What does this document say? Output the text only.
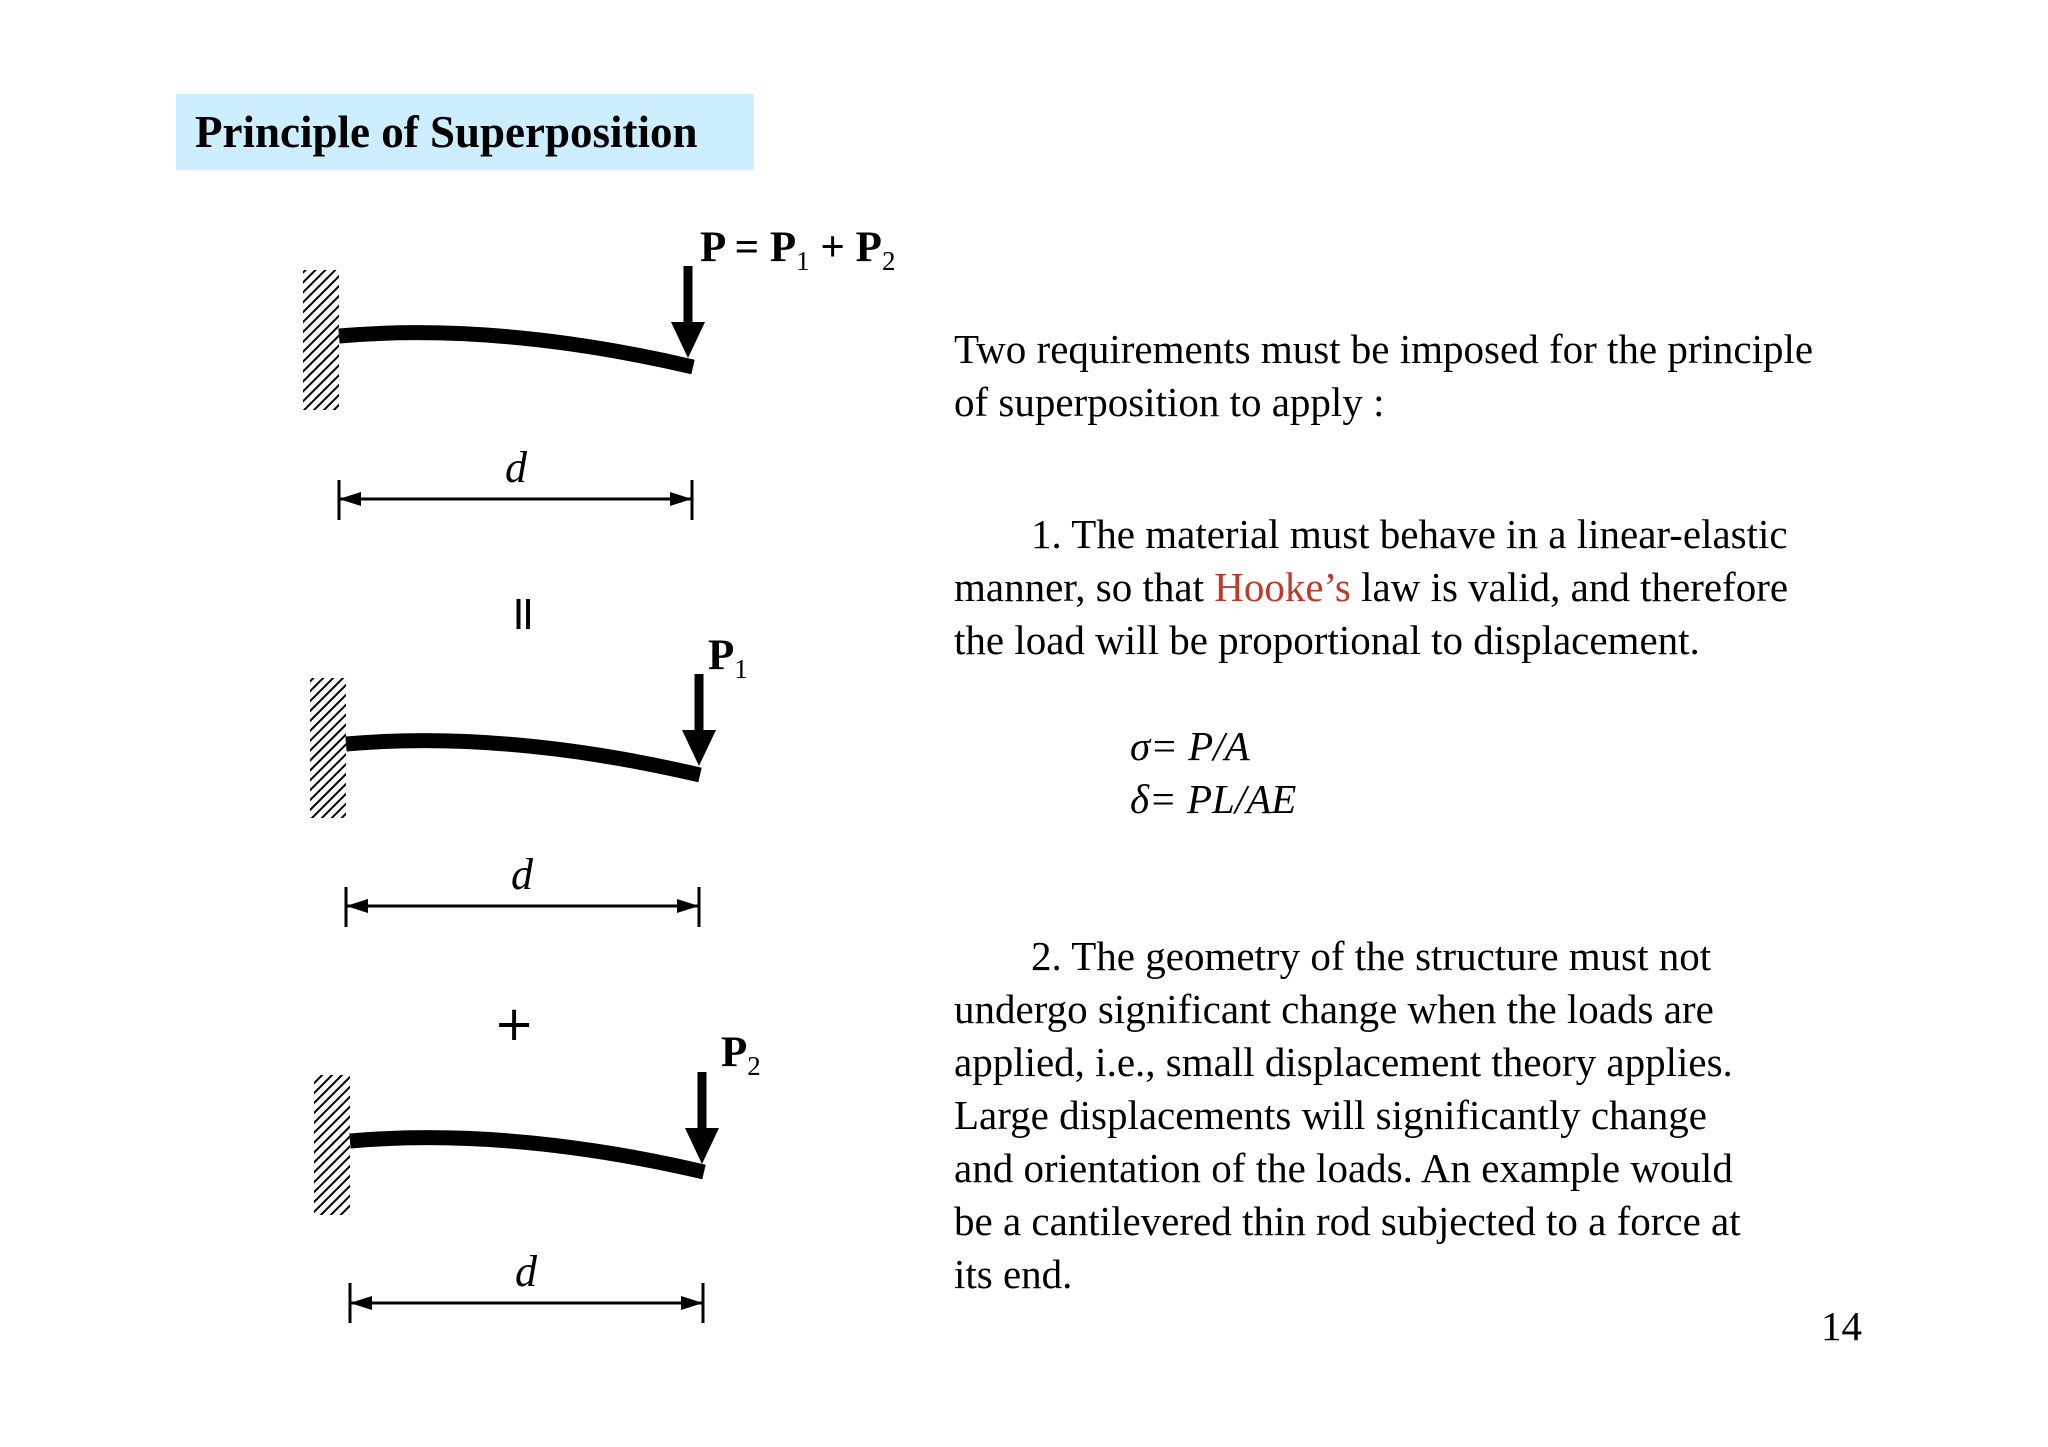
Principle of Superposition
$P = P_1 + P_2$
$P_1$
$P_2$
d
d
d
=
+
Two requirements must be imposed for the principle
of superposition to apply :
1. The material must behave in a linear-elastic
manner, so that Hooke’s law is valid, and therefore
the load will be proportional to displacement.
σ= P/A
δ= PL/AE
2. The geometry of the structure must not
undergo significant change when the loads are
applied, i.e., small displacement theory applies.
Large displacements will significantly change
and orientation of the loads. An example would
be a cantilevered thin rod subjected to a force at
its end.
14
